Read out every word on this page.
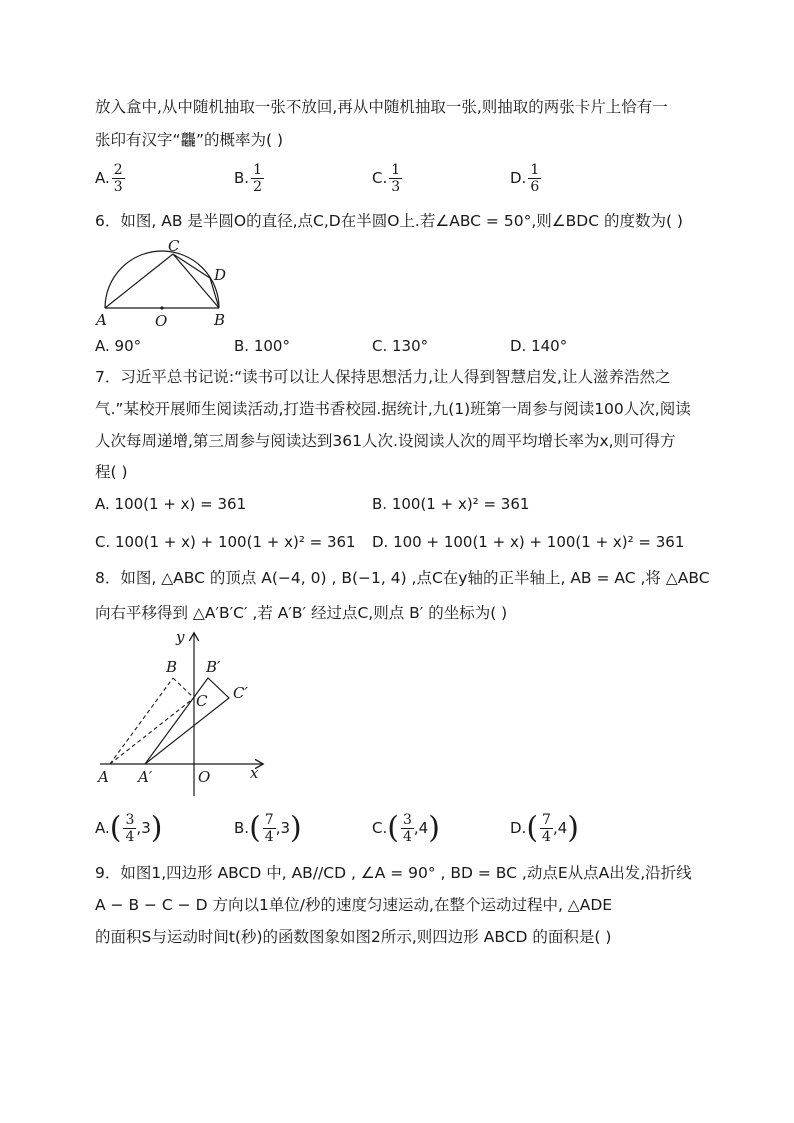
放入盒中,从中随机抽取一张不放回,再从中随机抽取一张,则抽取的两张卡片上恰有一
张印有汉字“龘”的概率为( )
A. $\frac{2}{3}$	B. $\frac{1}{2}$	C. $\frac{1}{3}$	D. $\frac{1}{6}$
6．如图, AB 是半圆O的直径,点C,D在半圆O上.若∠ABC = 50°,则∠BDC 的度数为( )
A	O	B
C
D
A. 90°	B. 100°	C. 130°	D. 140°
7．习近平总书记说:“读书可以让人保持思想活力,让人得到智慧启发,让人滋养浩然之
气.”某校开展师生阅读活动,打造书香校园.据统计,九(1)班第一周参与阅读100人次,阅读
人次每周递增,第三周参与阅读达到361人次.设阅读人次的周平均增长率为x,则可得方
程( )
A. 100(1 + x) = 361	B. 100(1 + x)² = 361
C. 100(1 + x) + 100(1 + x)² = 361 D. 100 + 100(1 + x) + 100(1 + x)² = 361
8．如图, △ABC 的顶点 A(−4, 0) , B(−1, 4) ,点C在y轴的正半轴上, AB = AC ,将 △ABC
向右平移得到 △A′B′C′ ,若 A′B′ 经过点C,则点 B′ 的坐标为( )
y
x
B B′
C C′
A A′	O
$A.( \frac{3}{4} ,3)$	$B.( \frac{7}{4} ,3)$	$C.( \frac{3}{4} ,4)$	$D.( \frac{7}{4} ,4)$
9．如图1,四边形 ABCD 中, AB//CD , ∠A = 90° , BD = BC ,动点E从点A出发,沿折线
A − B − C − D 方向以1单位/秒的速度匀速运动,在整个运动过程中, △ADE
的面积S与运动时间t(秒)的函数图象如图2所示,则四边形 ABCD 的面积是( )
